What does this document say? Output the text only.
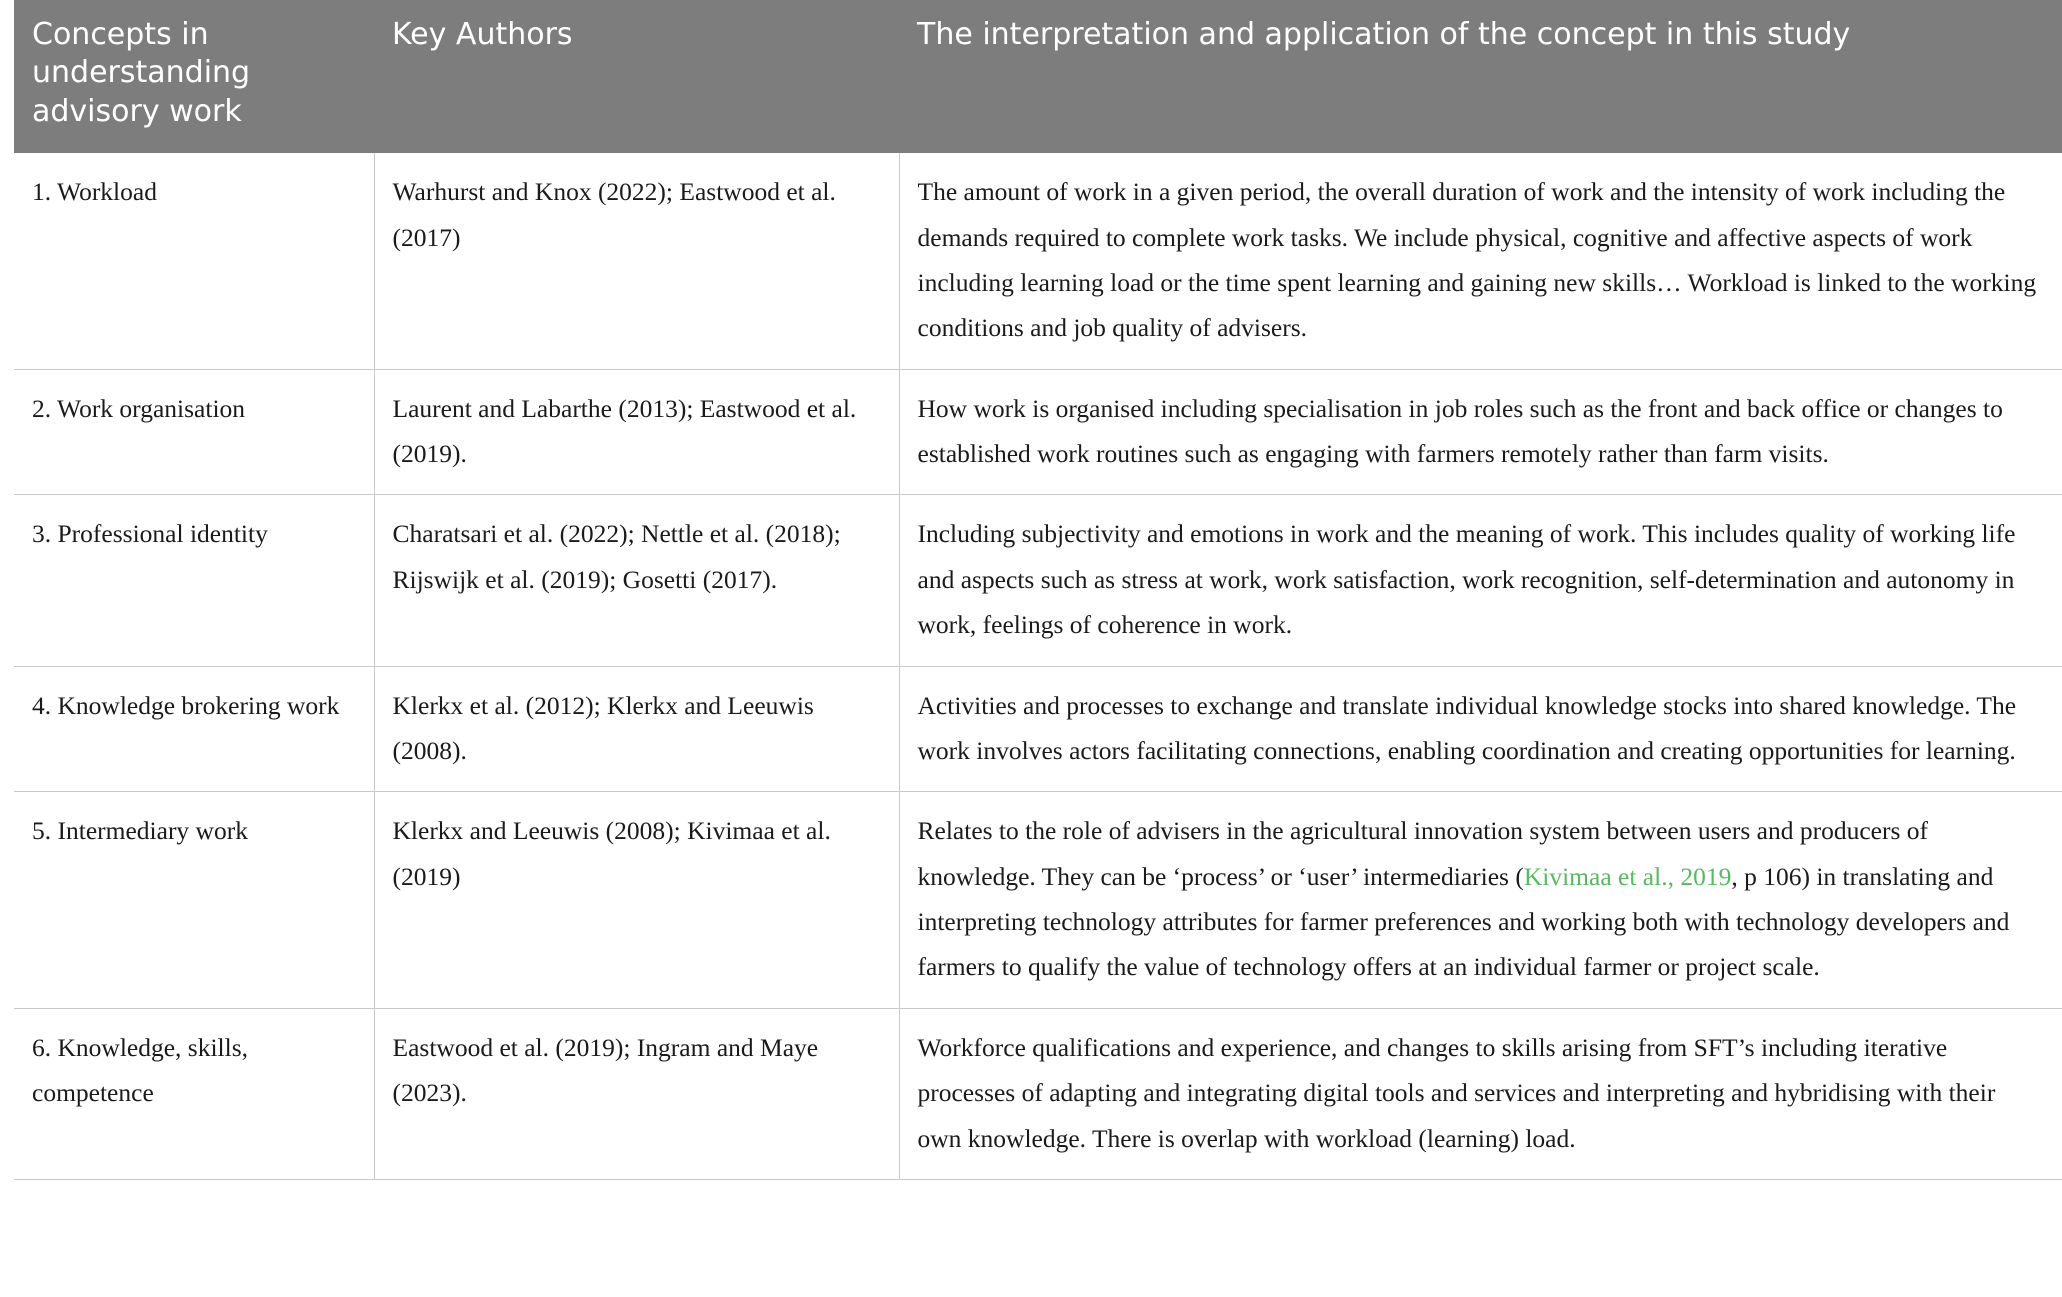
Concepts in understanding advisory work	Key Authors	The interpretation and application of the concept in this study
1. Workload	Warhurst and Knox (2022); Eastwood et al. (2017)	The amount of work in a given period, the overall duration of work and the intensity of work including the demands required to complete work tasks. We include physical, cognitive and affective aspects of work including learning load or the time spent learning and gaining new skills… Workload is linked to the working conditions and job quality of advisers.
2. Work organisation	Laurent and Labarthe (2013); Eastwood et al. (2019).	How work is organised including specialisation in job roles such as the front and back office or changes to established work routines such as engaging with farmers remotely rather than farm visits.
3. Professional identity	Charatsari et al. (2022); Nettle et al. (2018); Rijswijk et al. (2019); Gosetti (2017).	Including subjectivity and emotions in work and the meaning of work. This includes quality of working life and aspects such as stress at work, work satisfaction, work recognition, self-determination and autonomy in work, feelings of coherence in work.
4. Knowledge brokering work	Klerkx et al. (2012); Klerkx and Leeuwis (2008).	Activities and processes to exchange and translate individual knowledge stocks into shared knowledge. The work involves actors facilitating connections, enabling coordination and creating opportunities for learning.
5. Intermediary work	Klerkx and Leeuwis (2008); Kivimaa et al. (2019)	Relates to the role of advisers in the agricultural innovation system between users and producers of knowledge. They can be ‘process’ or ‘user’ intermediaries (Kivimaa et al., 2019, p 106) in translating and interpreting technology attributes for farmer preferences and working both with technology developers and farmers to qualify the value of technology offers at an individual farmer or project scale.
6. Knowledge, skills, competence	Eastwood et al. (2019); Ingram and Maye (2023).	Workforce qualifications and experience, and changes to skills arising from SFT’s including iterative processes of adapting and integrating digital tools and services and interpreting and hybridising with their own knowledge. There is overlap with workload (learning) load.
